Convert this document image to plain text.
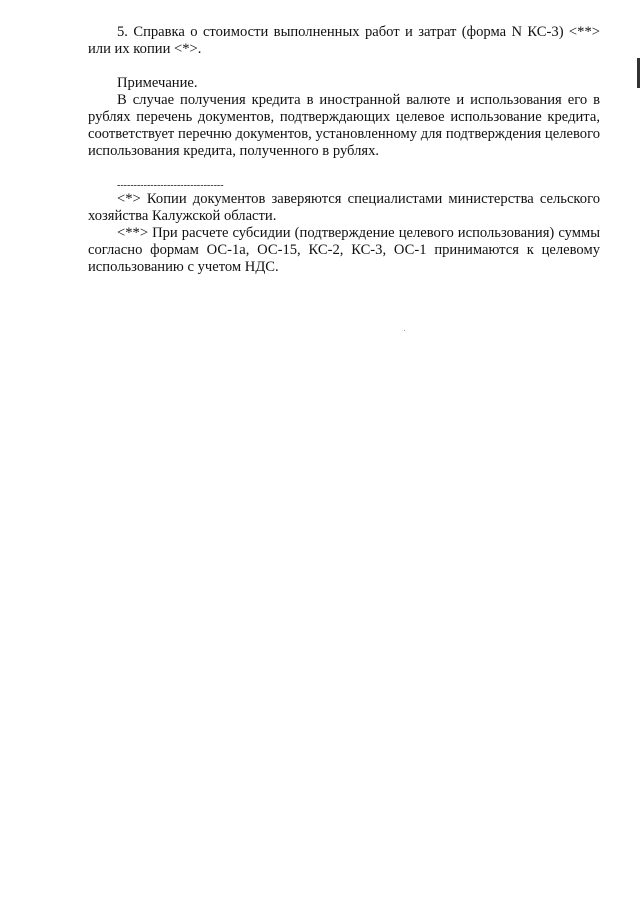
5. Справка о стоимости выполненных работ и затрат (форма N КС-3) <**> или их копии <*>.

Примечание.

В случае получения кредита в иностранной валюте и использования его в рублях перечень документов, подтверждающих целевое использование кредита, соответствует перечню документов, установленному для подтверждения целевого использования кредита, полученного в рублях.

--------------------------------

<*> Копии документов заверяются специалистами министерства сельского хозяйства Калужской области.

<**> При расчете субсидии (подтверждение целевого использования) суммы согласно формам ОС-1а, ОС-15, КС-2, КС-3, ОС-1 принимаются к целевому использованию с учетом НДС.
